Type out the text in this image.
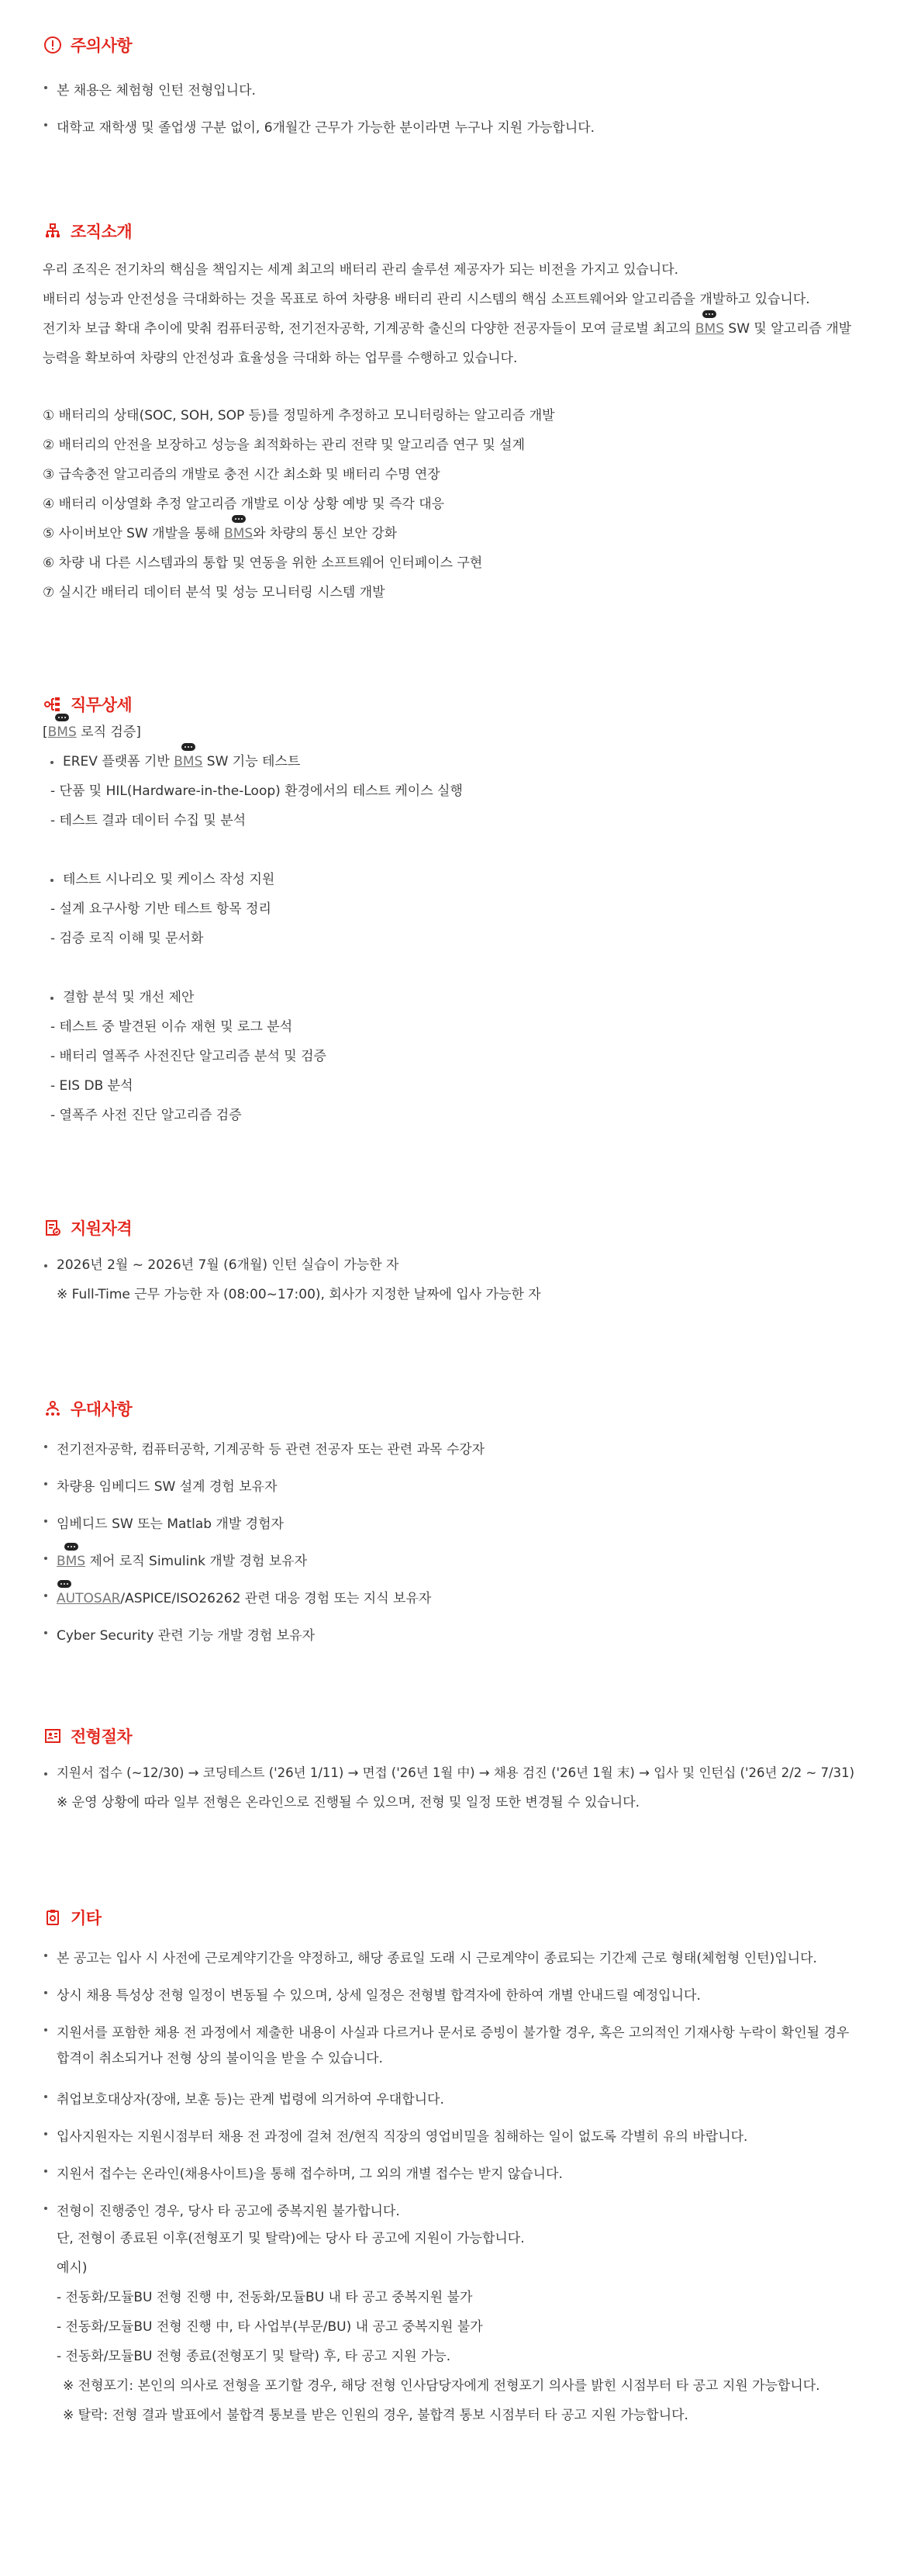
주의사항
본 채용은 체험형 인턴 전형입니다.
대학교 재학생 및 졸업생 구분 없이, 6개월간 근무가 가능한 분이라면 누구나 지원 가능합니다.
조직소개
우리 조직은 전기차의 핵심을 책임지는 세계 최고의 배터리 관리 솔루션 제공자가 되는 비전을 가지고 있습니다.
배터리 성능과 안전성을 극대화하는 것을 목표로 하여 차량용 배터리 관리 시스템의 핵심 소프트웨어와 알고리즘을 개발하고 있습니다.
전기차 보급 확대 추이에 맞춰 컴퓨터공학, 전기전자공학, 기계공학 출신의 다양한 전공자들이 모여 글로벌 최고의
BMS SW 및 알고리즘 개발
능력을 확보하여 차량의 안전성과 효율성을 극대화 하는 업무를 수행하고 있습니다.
① 배터리의 상태(SOC, SOH, SOP 등)를 정밀하게 추정하고 모니터링하는 알고리즘 개발
② 배터리의 안전을 보장하고 성능을 최적화하는 관리 전략 및 알고리즘 연구 및 설계
③ 급속충전 알고리즘의 개발로 충전 시간 최소화 및 배터리 수명 연장
④ 배터리 이상열화 추정 알고리즘 개발로 이상 상황 예방 및 즉각 대응
⑤ 사이버보안 SW 개발을 통해
BMS와 차량의 통신 보안 강화
⑥ 차량 내 다른 시스템과의 통합 및 연동을 위한 소프트웨어 인터페이스 구현
⑦ 실시간 배터리 데이터 분석 및 성능 모니터링 시스템 개발
직무상세
[
BMS 로직 검증]
EREV 플랫폼 기반
BMS SW 기능 테스트
- 단품 및 HIL(Hardware-in-the-Loop) 환경에서의 테스트 케이스 실행
- 테스트 결과 데이터 수집 및 분석
테스트 시나리오 및 케이스 작성 지원
- 설계 요구사항 기반 테스트 항목 정리
- 검증 로직 이해 및 문서화
결함 분석 및 개선 제안
- 테스트 중 발견된 이슈 재현 및 로그 분석
- 배터리 열폭주 사전진단 알고리즘 분석 및 검증
- EIS DB 분석
- 열폭주 사전 진단 알고리즘 검증
지원자격
2026년 2월 ~ 2026년 7월 (6개월) 인턴 실습이 가능한 자
※ Full-Time 근무 가능한 자 (08:00~17:00), 회사가 지정한 날짜에 입사 가능한 자
우대사항
전기전자공학, 컴퓨터공학, 기계공학 등 관련 전공자 또는 관련 과목 수강자
차량용 임베디드 SW 설계 경험 보유자
임베디드 SW 또는 Matlab 개발 경험자
BMS 제어 로직 Simulink 개발 경험 보유자
AUTOSAR/ASPICE/ISO26262 관련 대응 경험 또는 지식 보유자
Cyber Security 관련 기능 개발 경험 보유자
전형절차
지원서 접수 (~12/30) → 코딩테스트 ('26년 1/11) → 면접 ('26년 1월 中) → 채용 검진 ('26년 1월 末) → 입사 및 인턴십 ('26년 2/2 ~ 7/31)
※ 운영 상황에 따라 일부 전형은 온라인으로 진행될 수 있으며, 전형 및 일정 또한 변경될 수 있습니다.
기타
본 공고는 입사 시 사전에 근로계약기간을 약정하고, 해당 종료일 도래 시 근로계약이 종료되는 기간제 근로 형태(체험형 인턴)입니다.
상시 채용 특성상 전형 일정이 변동될 수 있으며, 상세 일정은 전형별 합격자에 한하여 개별 안내드릴 예정입니다.
지원서를 포함한 채용 전 과정에서 제출한 내용이 사실과 다르거나 문서로 증빙이 불가할 경우, 혹은 고의적인 기재사항 누락이 확인될 경우
합격이 취소되거나 전형 상의 불이익을 받을 수 있습니다.
취업보호대상자(장애, 보훈 등)는 관계 법령에 의거하여 우대합니다.
입사지원자는 지원시점부터 채용 전 과정에 걸쳐 전/현직 직장의 영업비밀을 침해하는 일이 없도록 각별히 유의 바랍니다.
지원서 접수는 온라인(채용사이트)을 통해 접수하며, 그 외의 개별 접수는 받지 않습니다.
전형이 진행중인 경우, 당사 타 공고에 중복지원 불가합니다.
단, 전형이 종료된 이후(전형포기 및 탈락)에는 당사 타 공고에 지원이 가능합니다.
예시)
- 전동화/모듈BU 전형 진행 中, 전동화/모듈BU 내 타 공고 중복지원 불가
- 전동화/모듈BU 전형 진행 中, 타 사업부(부문/BU) 내 공고 중복지원 불가
- 전동화/모듈BU 전형 종료(전형포기 및 탈락) 후, 타 공고 지원 가능.
※ 전형포기: 본인의 의사로 전형을 포기할 경우, 해당 전형 인사담당자에게 전형포기 의사를 밝힌 시점부터 타 공고 지원 가능합니다.
※ 탈락: 전형 결과 발표에서 불합격 통보를 받은 인원의 경우, 불합격 통보 시점부터 타 공고 지원 가능합니다.
